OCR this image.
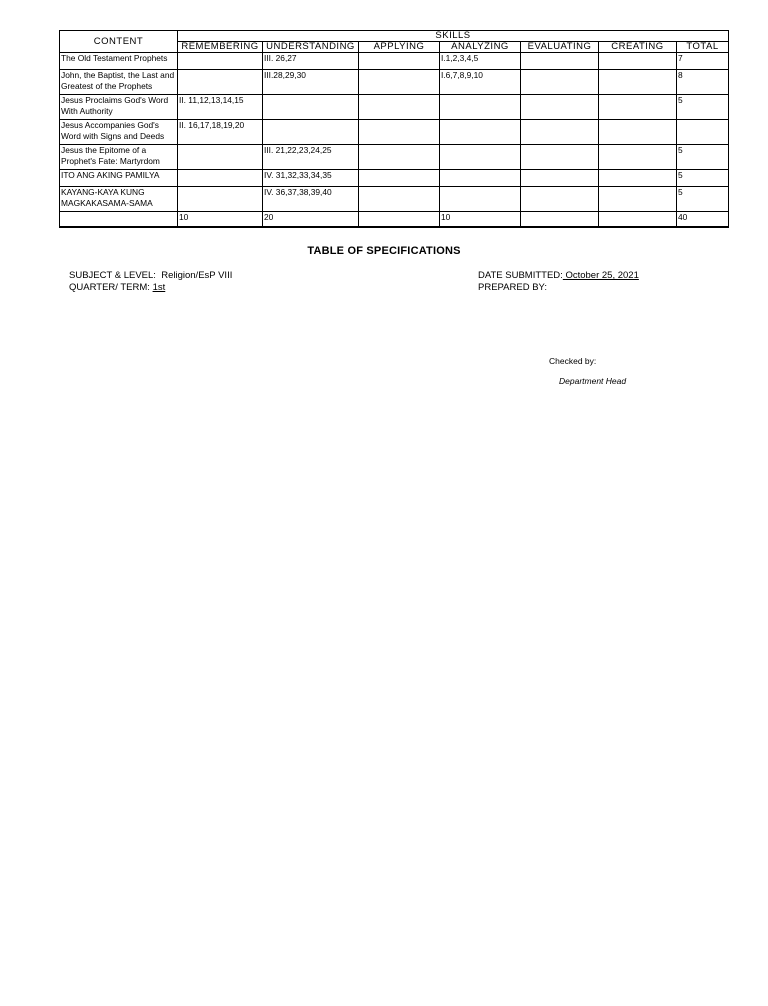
CONTENT	SKILLS						
	REMEMBERING	UNDERSTANDING	APPLYING	ANALYZING	EVALUATING	CREATING	TOTAL
The Old Testament Prophets		III. 26,27		I.1,2,3,4,5			7
John, the Baptist, the Last and Greatest of the Prophets		III.28,29,30		I.6,7,8,9,10			8
Jesus Proclaims God's Word With Authority	II. 11,12,13,14,15						5
Jesus Accompanies God's Word with Signs and Deeds	II. 16,17,18,19,20						
Jesus the Epitome of a Prophet's Fate: Martyrdom		III. 21,22,23,24,25					5
ITO ANG AKING PAMILYA		IV. 31,32,33,34,35					5
KAYANG-KAYA KUNG MAGKAKASAMA-SAMA		IV. 36,37,38,39,40					5
	10	20		10			40
TABLE OF SPECIFICATIONS
SUBJECT & LEVEL: Religion/EsP VIII
QUARTER/ TERM: 1st
DATE SUBMITTED: October 25, 2021
PREPARED BY:
Checked by:
Department Head
